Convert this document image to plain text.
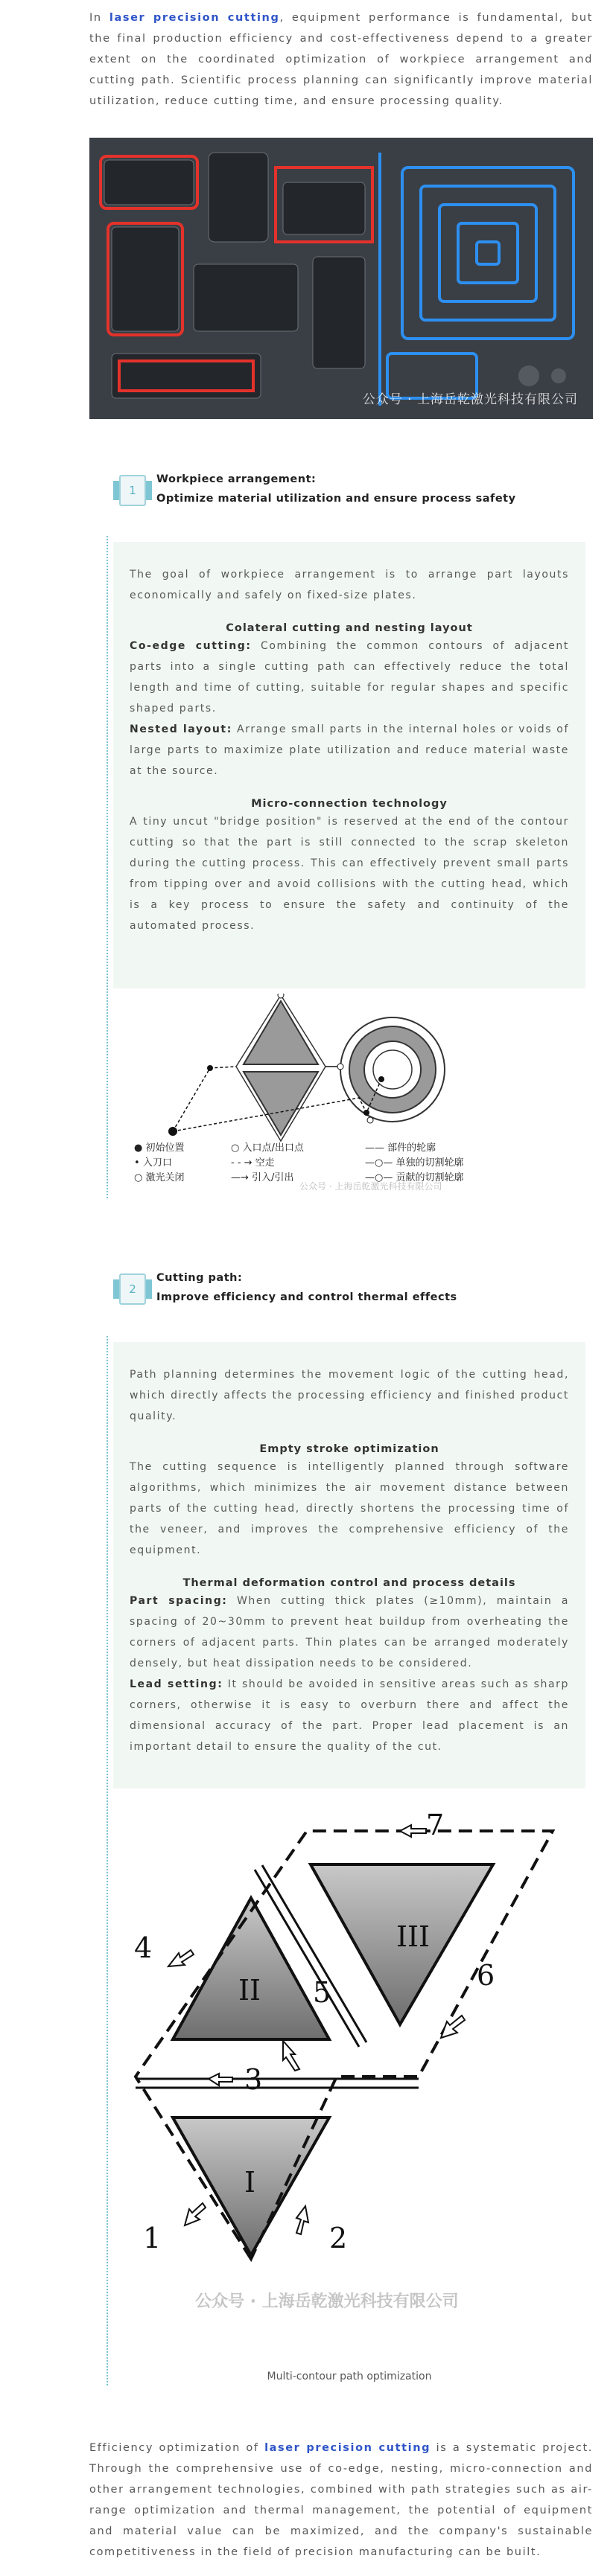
In laser precision cutting, equipment performance is fundamental, but the final production efficiency and cost-effectiveness depend to a greater extent on the coordinated optimization of workpiece arrangement and cutting path. Scientific process planning can significantly improve material utilization, reduce cutting time, and ensure processing quality.

公众号 · 上海岳乾激光科技有限公司
1
Workpiece arrangement:
Optimize material utilization and ensure process safety

The goal of workpiece arrangement is to arrange part layouts economically and safely on fixed-size plates.

Colateral cutting and nesting layout

Co-edge cutting: Combining the common contours of adjacent parts into a single cutting path can effectively reduce the total length and time of cutting, suitable for regular shapes and specific shaped parts.

Nested layout: Arrange small parts in the internal holes or voids of large parts to maximize plate utilization and reduce material waste at the source.

Micro-connection technology

A tiny uncut "bridge position" is reserved at the end of the contour cutting so that the part is still connected to the scrap skeleton during the cutting process. This can effectively prevent small parts from tipping over and avoid collisions with the cutting head, which is a key process to ensure the safety and continuity of the automated process.

● 初始位置
• 入刀口
○ 激光关闭
○ 入口点/出口点
- - → 空走
—→ 引入/引出
—— 部件的轮廓
—○— 单独的切割轮廓
—○— 贡献的切割轮廓
公众号 · 上海岳乾激光科技有限公司
2
Cutting path:
Improve efficiency and control thermal effects

Path planning determines the movement logic of the cutting head, which directly affects the processing efficiency and finished product quality.

Empty stroke optimization

The cutting sequence is intelligently planned through software algorithms, which minimizes the air movement distance between parts of the cutting head, directly shortens the processing time of the veneer, and improves the comprehensive efficiency of the equipment.

Thermal deformation control and process details

Part spacing: When cutting thick plates (≥10mm), maintain a spacing of 20~30mm to prevent heat buildup from overheating the corners of adjacent parts. Thin plates can be arranged moderately densely, but heat dissipation needs to be considered.

Lead setting: It should be avoided in sensitive areas such as sharp corners, otherwise it is easy to overburn there and affect the dimensional accuracy of the part. Proper lead placement is an important detail to ensure the quality of the cut.

7
4
5
6
3
1	2
I
II
III
公众号 · 上海岳乾激光科技有限公司
Multi-contour path optimization

Efficiency optimization of laser precision cutting is a systematic project. Through the comprehensive use of co-edge, nesting, micro-connection and other arrangement technologies, combined with path strategies such as air-range optimization and thermal management, the potential of equipment and material value can be maximized, and the company's sustainable competitiveness in the field of precision manufacturing can be built.
